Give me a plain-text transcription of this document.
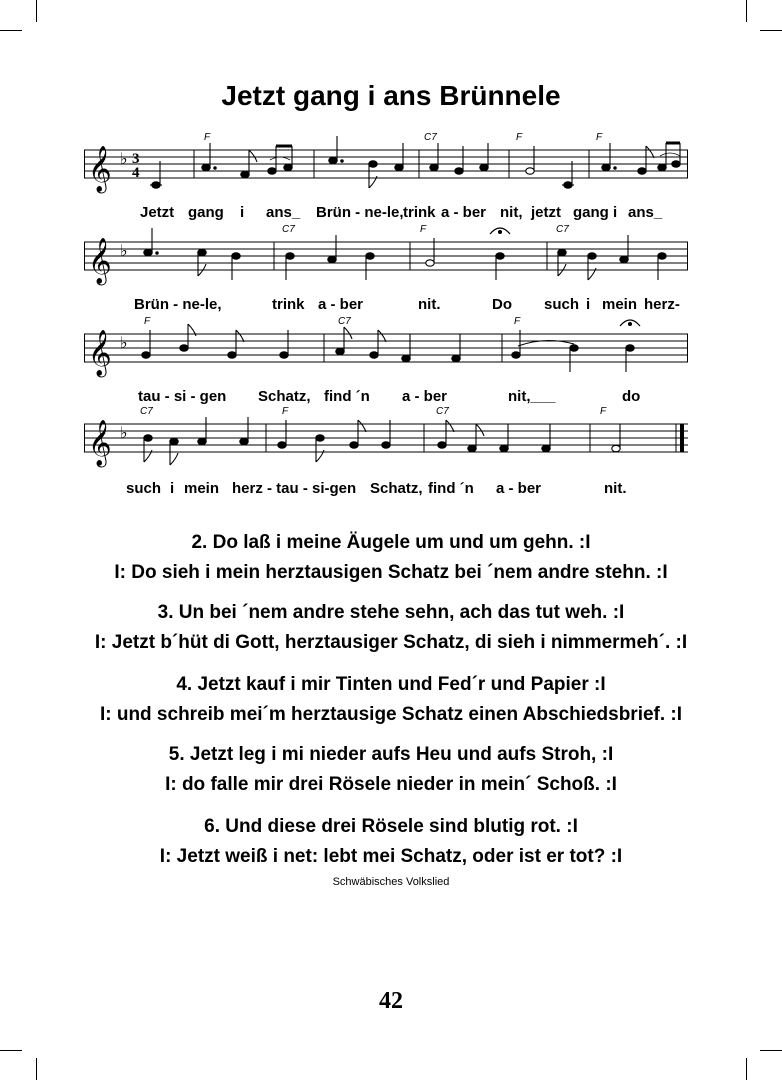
Jetzt gang i ans Brünnele
F	C7	F	F
𝄞 ♭ 3
4
Jetzt gang i ans_ Brün - ne-le, trink a - ber nit, jetzt gang i ans_
C7	F	C7
𝄞 ♭
Brün - ne-le,	trink a - ber	nit.	Do such i mein herz-
F	C7	F
𝄞 ♭
tau - si - gen Schatz, find ´n a - ber	nit,___	do
C7	F	C7	F
𝄞 ♭
such i mein herz - tau - si-gen Schatz, find ´n a - ber	nit.
2. Do laß i meine Äugele um und um gehn. :I
I: Do sieh i mein herztausigen Schatz bei ´nem andre stehn. :I
3. Un bei ´nem andre stehe sehn, ach das tut weh. :I
I: Jetzt b´hüt di Gott, herztausiger Schatz, di sieh i nimmermeh´. :I
4. Jetzt kauf i mir Tinten und Fed´r und Papier :I
I: und schreib mei´m herztausige Schatz einen Abschiedsbrief. :I
5. Jetzt leg i mi nieder aufs Heu und aufs Stroh, :I
I: do falle mir drei Rösele nieder in mein´ Schoß. :I
6. Und diese drei Rösele sind blutig rot. :I
I: Jetzt weiß i net: lebt mei Schatz, oder ist er tot? :I
Schwäbisches Volkslied
42
